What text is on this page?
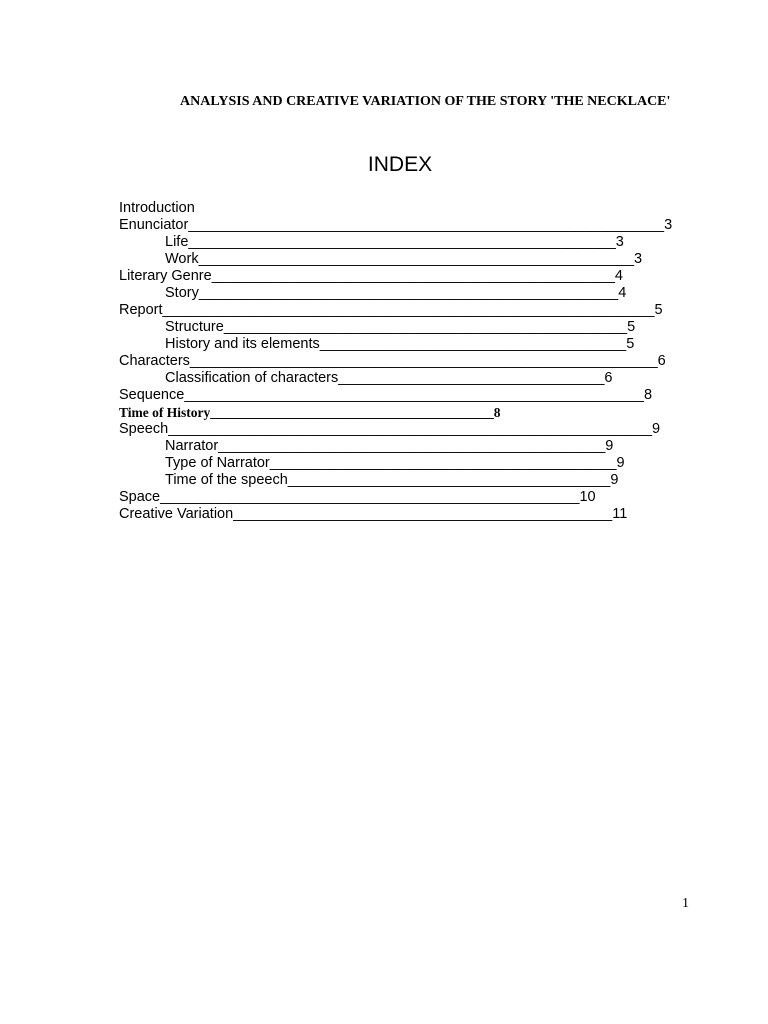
ANALYSIS AND CREATIVE VARIATION OF THE STORY 'THE NECKLACE'
INDEX
Introduction
Enunciator___________________________________________________________3
Life_____________________________________________________3
Work______________________________________________________3
Literary Genre__________________________________________________4
Story____________________________________________________4
Report_____________________________________________________________5
Structure__________________________________________________5
History and its elements______________________________________5
Characters__________________________________________________________6
Classification of characters_________________________________6
Sequence_________________________________________________________8
Time of History__________________________________________8
Speech____________________________________________________________9
Narrator________________________________________________9
Type of Narrator___________________________________________9
Time of the speech________________________________________9
Space____________________________________________________10
Creative Variation_______________________________________________11
1
